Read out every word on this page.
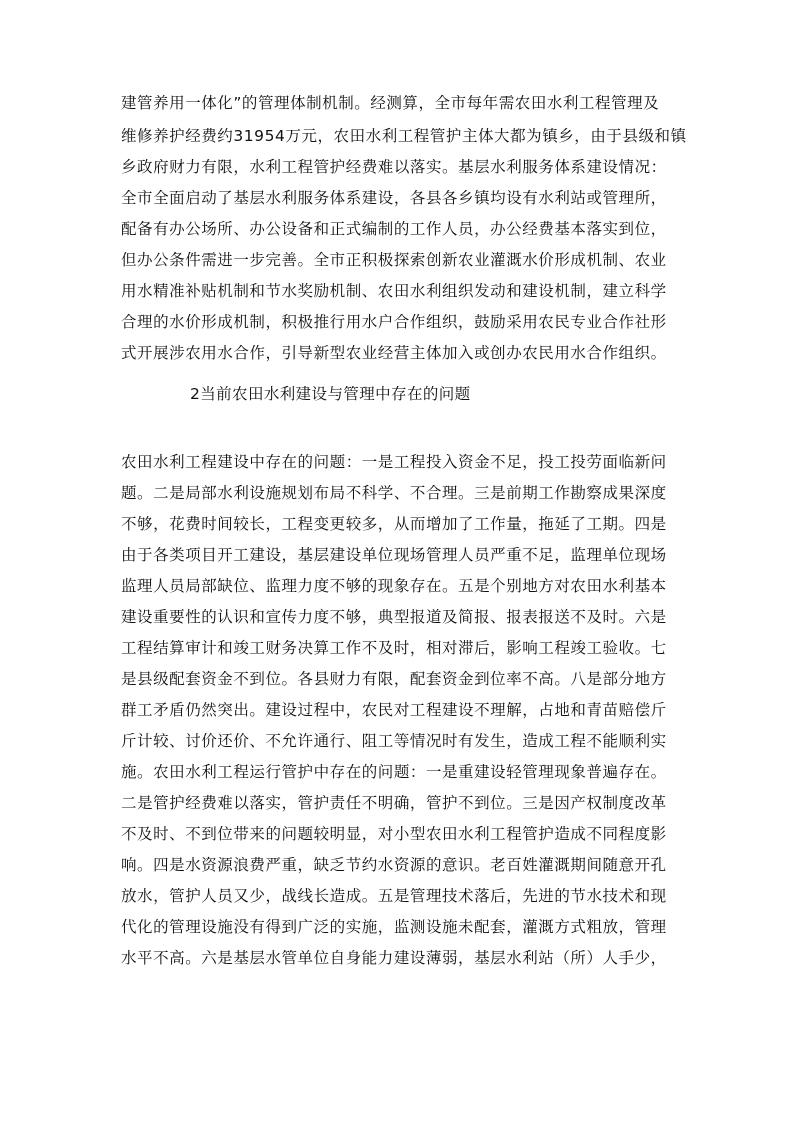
建管养用一体化”的管理体制机制。经测算，全市每年需农田水利工程管理及
维修养护经费约31954万元，农田水利工程管护主体大都为镇乡，由于县级和镇
乡政府财力有限，水利工程管护经费难以落实。基层水利服务体系建设情况：
全市全面启动了基层水利服务体系建设，各县各乡镇均设有水利站或管理所，
配备有办公场所、办公设备和正式编制的工作人员，办公经费基本落实到位，
但办公条件需进一步完善。全市正积极探索创新农业灌溉水价形成机制、农业
用水精准补贴机制和节水奖励机制、农田水利组织发动和建设机制，建立科学
合理的水价形成机制，积极推行用水户合作组织，鼓励采用农民专业合作社形
式开展涉农用水合作，引导新型农业经营主体加入或创办农民用水合作组织。
2当前农田水利建设与管理中存在的问题
农田水利工程建设中存在的问题：一是工程投入资金不足，投工投劳面临新问
题。二是局部水利设施规划布局不科学、不合理。三是前期工作勘察成果深度
不够，花费时间较长，工程变更较多，从而增加了工作量，拖延了工期。四是
由于各类项目开工建设，基层建设单位现场管理人员严重不足，监理单位现场
监理人员局部缺位、监理力度不够的现象存在。五是个别地方对农田水利基本
建设重要性的认识和宣传力度不够，典型报道及简报、报表报送不及时。六是
工程结算审计和竣工财务决算工作不及时，相对滞后，影响工程竣工验收。七
是县级配套资金不到位。各县财力有限，配套资金到位率不高。八是部分地方
群工矛盾仍然突出。建设过程中，农民对工程建设不理解，占地和青苗赔偿斤
斤计较、讨价还价、不允许通行、阻工等情况时有发生，造成工程不能顺利实
施。农田水利工程运行管护中存在的问题：一是重建设轻管理现象普遍存在。
二是管护经费难以落实，管护责任不明确，管护不到位。三是因产权制度改革
不及时、不到位带来的问题较明显，对小型农田水利工程管护造成不同程度影
响。四是水资源浪费严重，缺乏节约水资源的意识。老百姓灌溉期间随意开孔
放水，管护人员又少，战线长造成。五是管理技术落后，先进的节水技术和现
代化的管理设施没有得到广泛的实施，监测设施未配套，灌溉方式粗放，管理
水平不高。六是基层水管单位自身能力建设薄弱，基层水利站（所）人手少，
